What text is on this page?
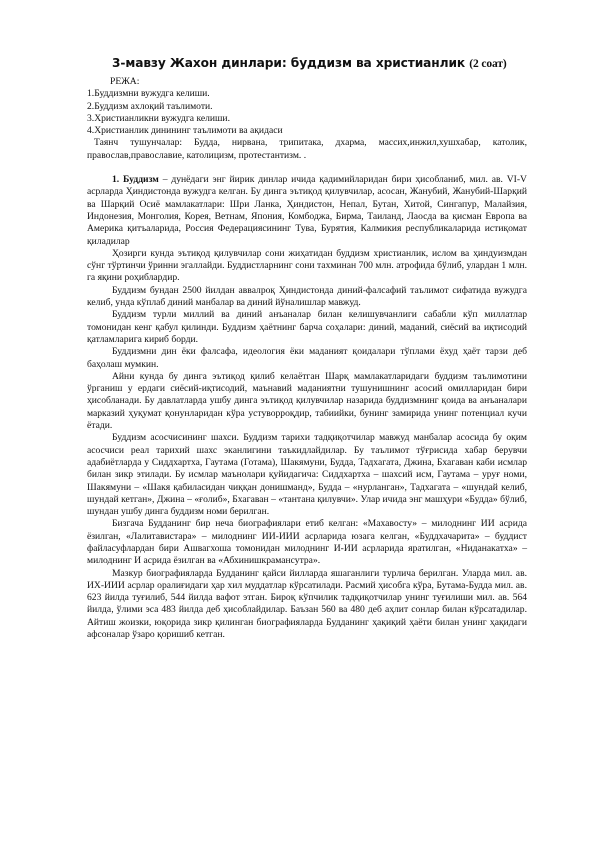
3-мавзу Жахон динлари: буддизм ва христианлик (2 соат)

РЕЖА:

1.Буддизмни вужудга келиши.

2.Буддизм ахлоқий таълимоти.

3.Христианликни вужудга келиши.

4.Христианлик динининг таълимоти ва ақидаси

Таянч тушунчалар: Будда, нирвана, трипитака, дхарма, массих,инжил,хушхабар, католик, православ,православие, католицизм, протестантизм. .

1. Буддизм – дунёдаги энг йирик динлар ичида қадимийларидан бири ҳисобланиб, мил. ав. VI-V асрларда Ҳиндистонда вужудга келган. Бу динга эътиқод қилувчилар, асосан, Жанубий, Жанубий-Шарқий ва Шарқий Осиё мамлакатлари: Шри Ланка, Ҳиндистон, Непал, Бутан, Хитой, Сингапур, Малайзия, Индонезия, Монголия, Корея, Ветнам, Япония, Комбоджа, Бирма, Таиланд, Лаосда ва қисман Европа ва Америка қитъаларида, Россия Федерациясининг Тува, Бурятия, Калмикия республикаларида истиқомат қиладилар

Ҳозирги кунда эътиқод қилувчилар сони жиҳатидан буддизм христианлик, ислом ва ҳиндуизмдан сўнг тўртинчи ўринни эгаллайди. Буддистларнинг сони тахминан 700 млн. атрофида бўлиб, улардан 1 млн. га яқини роҳиблардир.

Буддизм бундан 2500 йилдан аввалроқ Ҳиндистонда диний-фалсафий таълимот сифатида вужудга келиб, унда кўплаб диний манбалар ва диний йўналишлар мавжуд.

Буддизм турли миллий ва диний анъаналар билан келишувчанлиги сабабли кўп миллатлар томонидан кенг қабул қилинди. Буддизм ҳаётнинг барча соҳалари: диний, маданий, сиёсий ва иқтисодий қатламларига кириб борди.

Буддизмни дин ёки фалсафа, идеология ёки маданият қоидалари тўплами ёхуд ҳаёт тарзи деб баҳолаш мумкин.

Айни кунда бу динга эътиқод қилиб келаётган Шарқ мамлакатларидаги буддизм таълимотини ўрганиш у ердаги сиёсий-иқтисодий, маънавий маданиятни тушунишнинг асосий омилларидан бири ҳисобланади. Бу давлатларда ушбу динга эътиқод қилувчилар назарида буддизмнинг қоида ва анъаналари марказий ҳуқумат қонунларидан кўра устуворроқдир, табиийки, бунинг замирида унинг потенциал кучи ётади.

Буддизм асосчисининг шахси. Буддизм тарихи тадқиқотчилар мавжуд манбалар асосида бу оқим асосчиси реал тарихий шахс эканлигини таъкидлайдилар. Бу таълимот тўғрисида хабар берувчи адабиётларда у Сиддхартха, Гаутама (Готама), Шакямуни, Будда, Тадхагата, Джина, Бхагаван каби исмлар билан зикр этилади. Бу исмлар маънолари қуйидагича: Сиддхартха – шахсий исм, Гаутама – уруғ номи, Шакямуни – «Шакя қабиласидан чиққан донишманд», Будда – «нурланган», Тадхагата – «шундай келиб, шундай кетган», Джина – «ғолиб», Бхагаван – «тантана қилувчи». Улар ичида энг машҳури «Будда» бўлиб, шундан ушбу динга буддизм номи берилган.

Бизгача Будданинг бир неча биографиялари етиб келган: «Махавосту» – милоднинг ИИ асрида ёзилган, «Лалитавистара» – милоднинг ИИ-ИИИ асрларида юзага келган, «Буддхачарита» – буддист файласуфлардан бири Ашвагхоша томонидан милоднинг И-ИИ асрларида яратилган, «Ниданакатха» – милоднинг И асрида ёзилган ва «Абхинишкрамансутра».

Мазкур биографияларда Будданинг қайси йилларда яшаганлиги турлича берилган. Уларда мил. ав. ИХ-ИИИ асрлар оралиғидаги ҳар хил муддатлар кўрсатилади. Расмий ҳисобга кўра, Бутама-Будда мил. ав. 623 йилда туғилиб, 544 йилда вафот этган. Бироқ кўпчилик тадқиқотчилар унинг туғилиши мил. ав. 564 йилда, ўлими эса 483 йилда деб ҳисоблайдилар. Баъзан 560 ва 480 деб аҳлит сонлар билан кўрсатадилар. Айтиш жоизки, юқорида зикр қилинган биографияларда Будданинг ҳақиқий ҳаёти билан унинг ҳақидаги афсоналар ўзаро қоришиб кетган.
